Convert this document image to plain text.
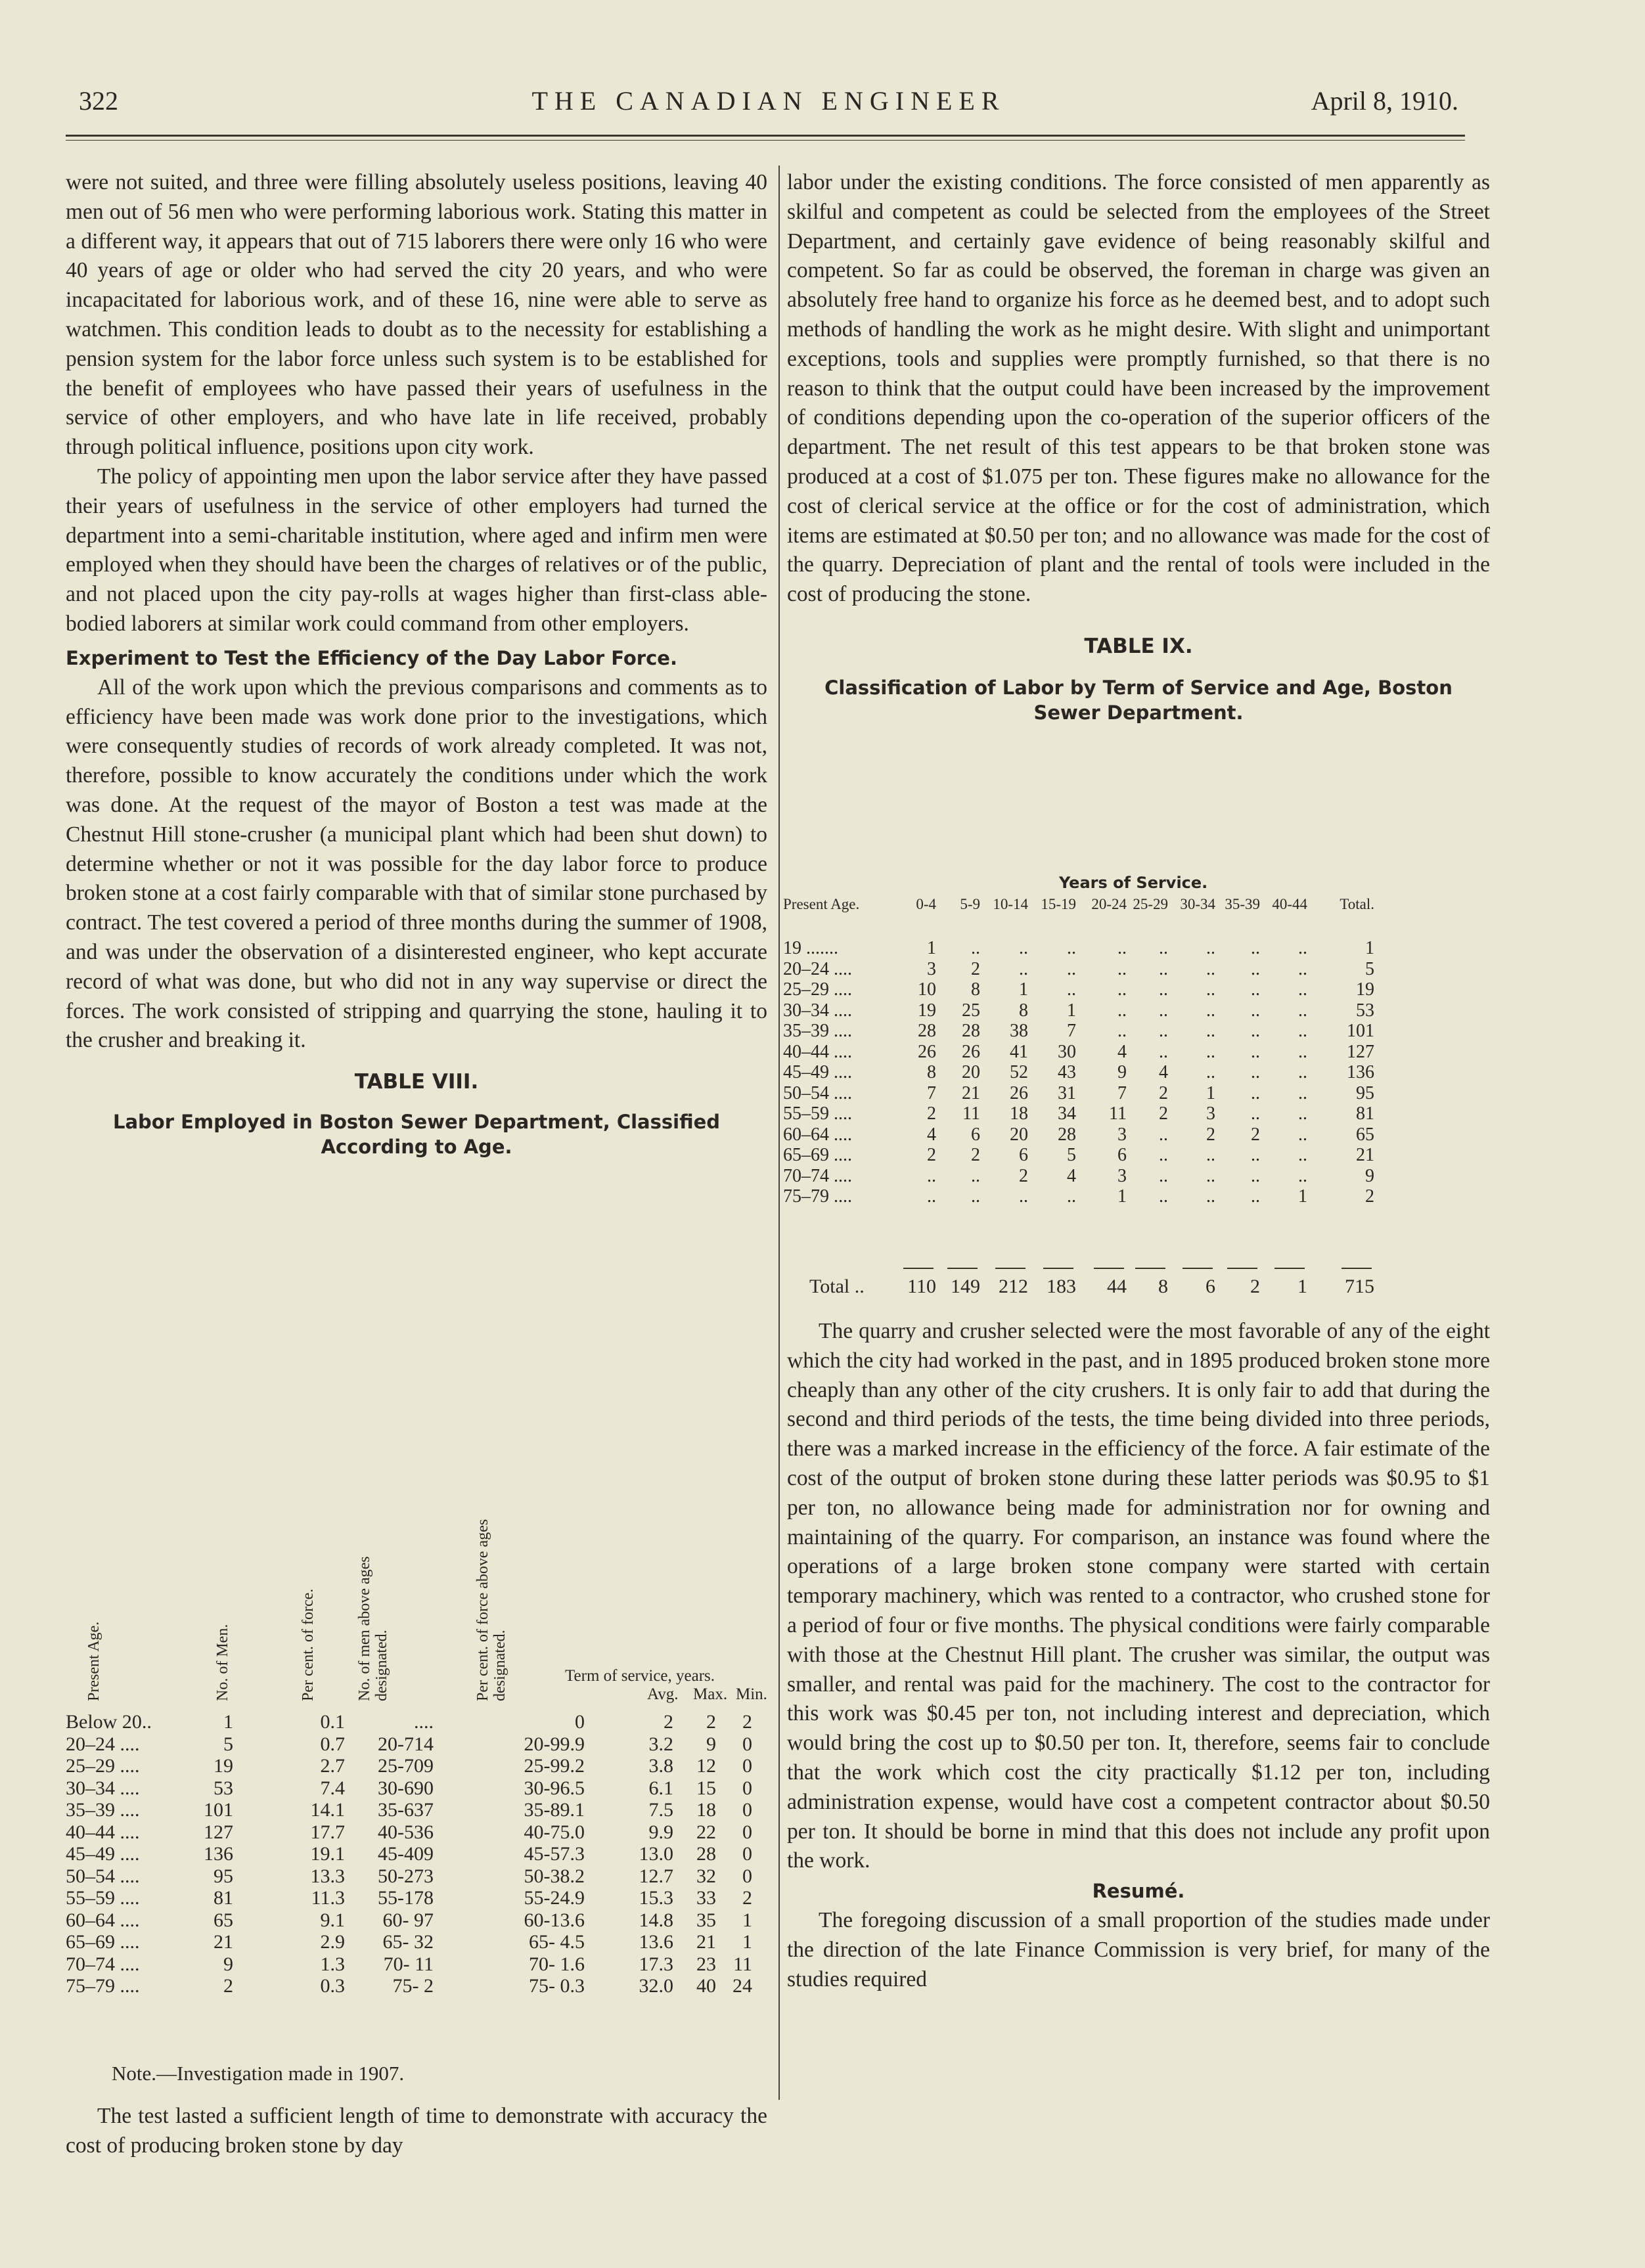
322	THE CANADIAN ENGINEER	April 8, 1910.

were not suited, and three were filling absolutely useless positions, leaving 40 men out of 56 men who were performing laborious work. Stating this matter in a different way, it appears that out of 715 laborers there were only 16 who were 40 years of age or older who had served the city 20 years, and who were incapacitated for laborious work, and of these 16, nine were able to serve as watchmen. This condition leads to doubt as to the necessity for establishing a pension system for the labor force unless such system is to be established for the benefit of employees who have passed their years of usefulness in the service of other employers, and who have late in life received, probably through political influence, positions upon city work.

The policy of appointing men upon the labor service after they have passed their years of usefulness in the service of other employers had turned the department into a semi-charitable institution, where aged and infirm men were employed when they should have been the charges of relatives or of the public, and not placed upon the city pay-rolls at wages higher than first-class able-bodied laborers at similar work could command from other employers.

Experiment to Test the Efficiency of the Day Labor Force.

All of the work upon which the previous comparisons and comments as to efficiency have been made was work done prior to the investigations, which were consequently studies of records of work already completed. It was not, therefore, possible to know accurately the conditions under which the work was done. At the request of the mayor of Boston a test was made at the Chestnut Hill stone-crusher (a municipal plant which had been shut down) to determine whether or not it was possible for the day labor force to produce broken stone at a cost fairly comparable with that of similar stone purchased by contract. The test covered a period of three months during the summer of 1908, and was under the observation of a disinterested engineer, who kept accurate record of what was done, but who did not in any way supervise or direct the forces. The work consisted of stripping and quarrying the stone, hauling it to the crusher and breaking it.

TABLE VIII.
Labor Employed in Boston Sewer Department, Classified According to Age.
Present Age.	No. of Men.	Per cent. of force.	No. of men above ages designated.	Per cent. of force above ages designated.	Term of service, years.
Avg. Max. Min.
Below 20..	1	0.1	....	0	2 2 2
20–24 ....	5	0.7 20-714	20-99.9	3.2 9 0
25–29 ....	19	2.7 25-709	25-99.2	3.8 12 0
30–34 ....	53	7.4 30-690	30-96.5	6.1 15 0
35–39 ....	101	14.1 35-637	35-89.1	7.5 18 0
40–44 ....	127	17.7 40-536	40-75.0	9.9 22 0
45–49 ....	136	19.1 45-409	45-57.3	13.0 28 0
50–54 ....	95	13.3 50-273	50-38.2	12.7 32 0
55–59 ....	81	11.3 55-178	55-24.9	15.3 33 2
60–64 ....	65	9.1 60- 97	60-13.6	14.8 35 1
65–69 ....	21	2.9 65- 32	65- 4.5	13.6 21 1
70–74 ....	9	1.3 70- 11	70- 1.6	17.3 23 11
75–79 ....	2	0.3 75- 2	75- 0.3	32.0 40 24
Note.—Investigation made in 1907.

The test lasted a sufficient length of time to demonstrate with accuracy the cost of producing broken stone by day

labor under the existing conditions. The force consisted of men apparently as skilful and competent as could be selected from the employees of the Street Department, and certainly gave evidence of being reasonably skilful and competent. So far as could be observed, the foreman in charge was given an absolutely free hand to organize his force as he deemed best, and to adopt such methods of handling the work as he might desire. With slight and unimportant exceptions, tools and supplies were promptly furnished, so that there is no reason to think that the output could have been increased by the improvement of conditions depending upon the co-operation of the superior officers of the department. The net result of this test appears to be that broken stone was produced at a cost of $1.075 per ton. These figures make no allowance for the cost of clerical service at the office or for the cost of administration, which items are estimated at $0.50 per ton; and no allowance was made for the cost of the quarry. Depreciation of plant and the rental of tools were included in the cost of producing the stone.

TABLE IX.
Classification of Labor by Term of Service and Age, Boston Sewer Department.
Years of Service.
Present Age.	0-4 5-9 10-14 15-19 20-24 25-29 30-34 35-39 40-44 Total.
19 .......	1 .. .. .. .. .. .. .. ..	1
20–24 ....	3 2 .. .. .. .. .. .. ..	5
25–29 ....	10 8 1 .. .. .. .. .. ..	19
30–34 ....	19 25 8 1 .. .. .. .. ..	53
35–39 ....	28 28 38 7 .. .. .. .. .. 101
40–44 ....	26 26 41 30 4 .. .. .. .. 127
45–49 ....	8 20 52 43 9 4 .. .. .. 136
50–54 ....	7 21 26 31 7 2 1 .. ..	95
55–59 ....	2 11 18 34 11 2 3 .. ..	81
60–64 ....	4 6 20 28 3 .. 2 2 ..	65
65–69 ....	2 2 6 5 6 .. .. .. ..	21
70–74 ....	.. .. 2 4 3 .. .. .. ..	9
75–79 ....	.. .. .. .. 1 .. .. .. 1	2
Total .. 110 149 212 183 44 8 6 2 1 715

The quarry and crusher selected were the most favorable of any of the eight which the city had worked in the past, and in 1895 produced broken stone more cheaply than any other of the city crushers. It is only fair to add that during the second and third periods of the tests, the time being divided into three periods, there was a marked increase in the efficiency of the force. A fair estimate of the cost of the output of broken stone during these latter periods was $0.95 to $1 per ton, no allowance being made for administration nor for owning and maintaining of the quarry. For comparison, an instance was found where the operations of a large broken stone company were started with certain temporary machinery, which was rented to a contractor, who crushed stone for a period of four or five months. The physical conditions were fairly comparable with those at the Chestnut Hill plant. The crusher was similar, the output was smaller, and rental was paid for the machinery. The cost to the contractor for this work was $0.45 per ton, not including interest and depreciation, which would bring the cost up to $0.50 per ton. It, therefore, seems fair to conclude that the work which cost the city practically $1.12 per ton, including administration expense, would have cost a competent contractor about $0.50 per ton. It should be borne in mind that this does not include any profit upon the work.

Resumé.

The foregoing discussion of a small proportion of the studies made under the direction of the late Finance Commission is very brief, for many of the studies required
